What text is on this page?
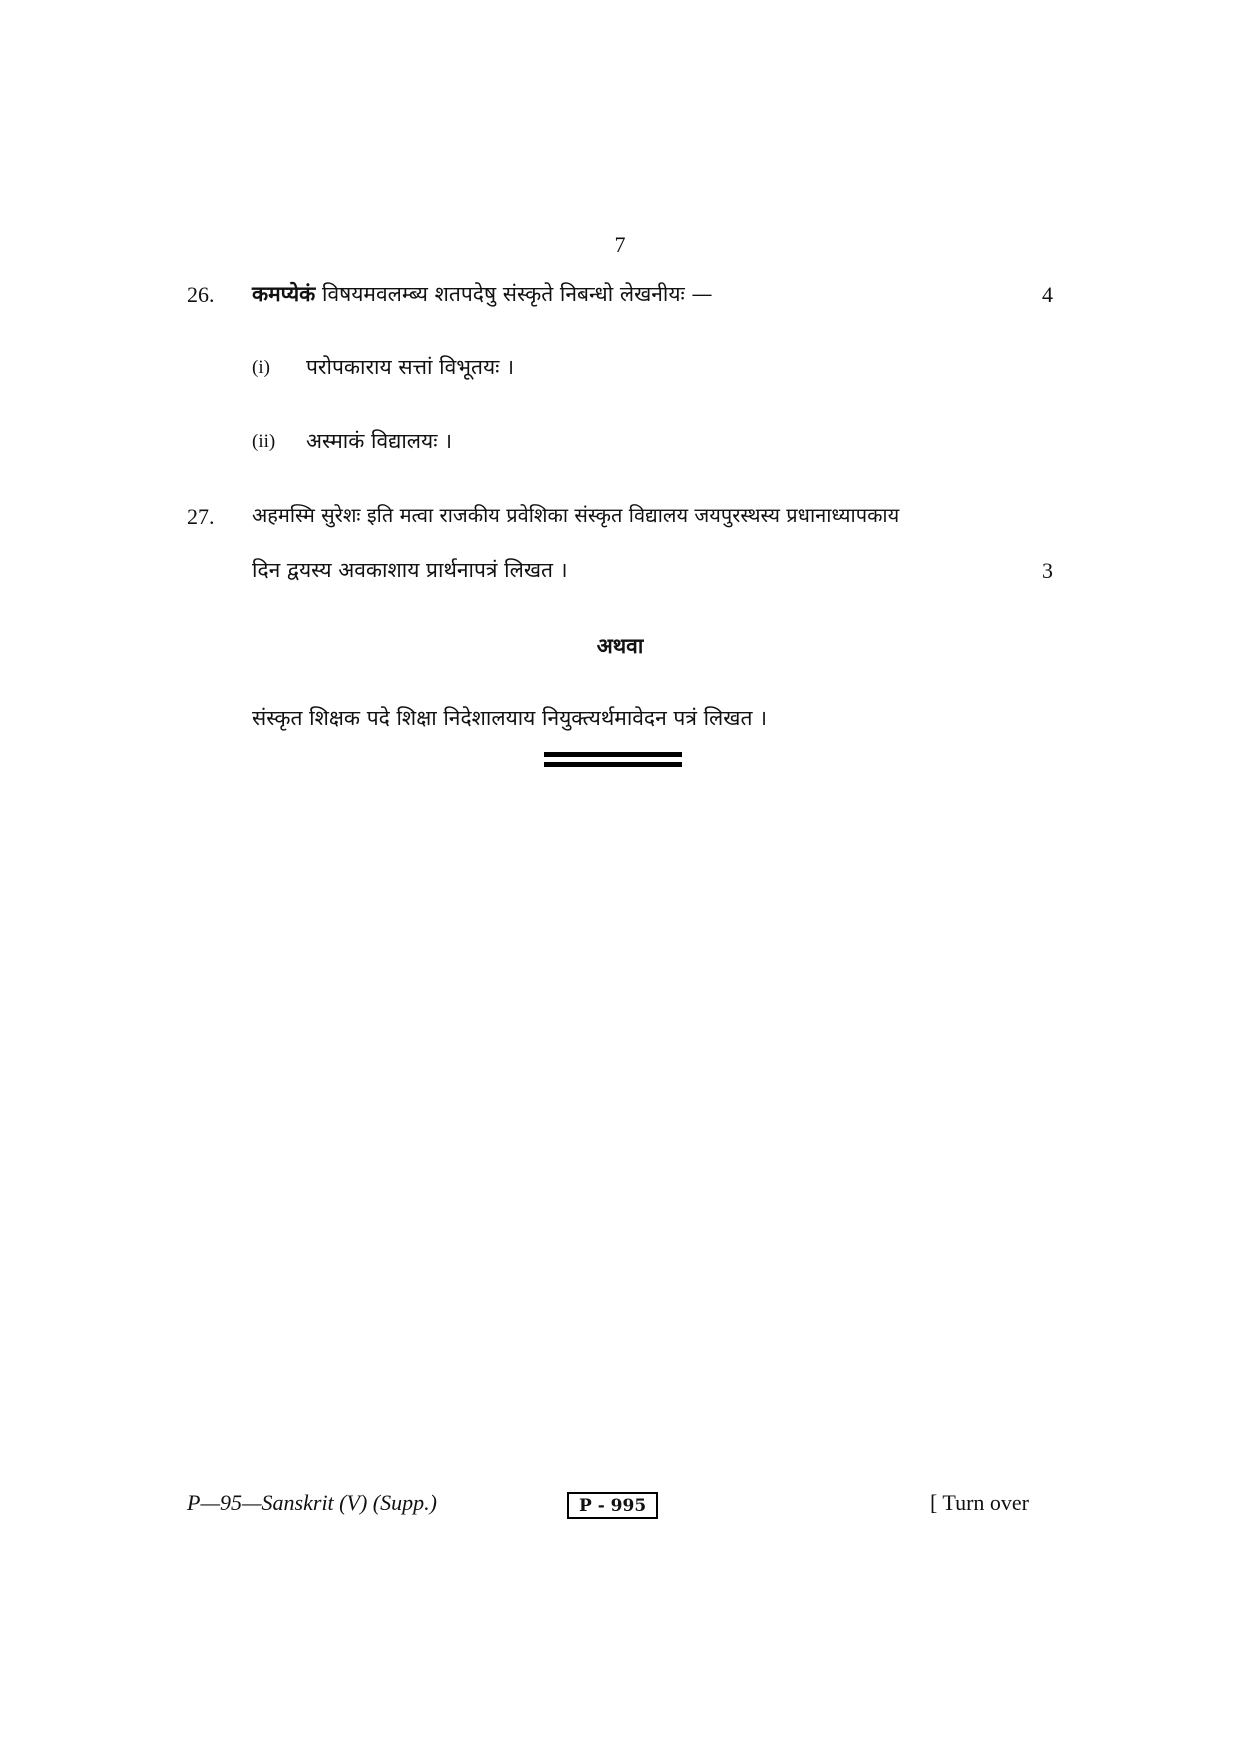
7
26. कमप्येकं विषयमवलम्ब्य शतपदेषु संस्कृते निबन्धो लेखनीयः —	4
(i) परोपकाराय सत्तां विभूतयः ।
(ii) अस्माकं विद्यालयः ।
27. अहमस्मि सुरेशः इति मत्वा राजकीय प्रवेशिका संस्कृत विद्यालय जयपुरस्थस्य प्रधानाध्यापकाय
दिन द्वयस्य अवकाशाय प्रार्थनापत्रं लिखत ।	3
अथवा
संस्कृत शिक्षक पदे शिक्षा निदेशालयाय नियुक्त्यर्थमावेदन पत्रं लिखत ।
P—95—Sanskrit (V) (Supp.)	P - 995	[ Turn over
